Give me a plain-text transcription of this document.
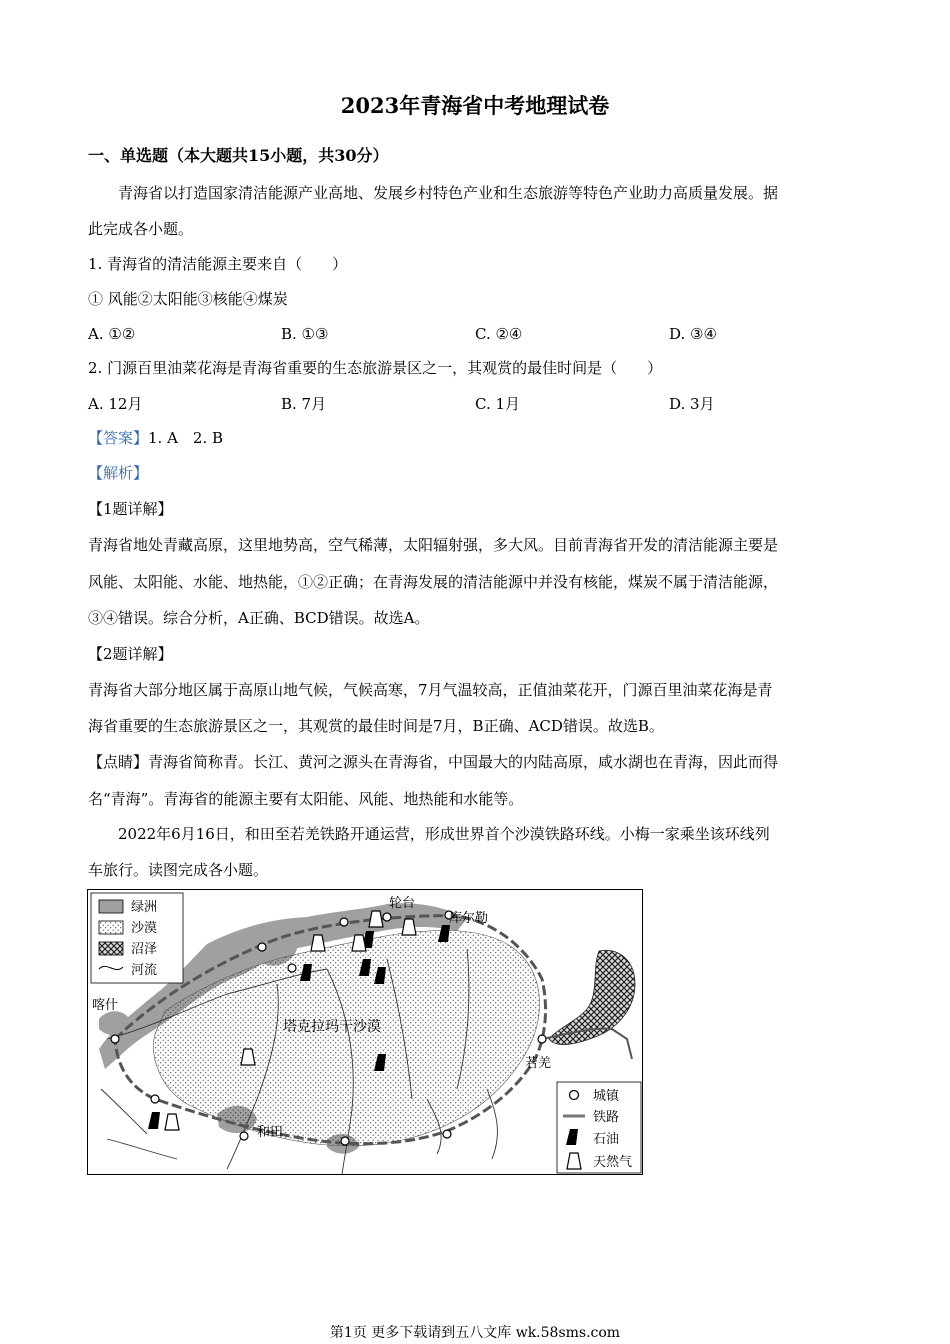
2023年青海省中考地理试卷
一、单选题（本大题共15小题，共30分）
青海省以打造国家清洁能源产业高地、发展乡村特色产业和生态旅游等特色产业助力高质量发展。据
此完成各小题。
1. 青海省的清洁能源主要来自（　　）
① 风能②太阳能③核能④煤炭
A. ①②	B. ①③	C. ②④	D. ③④
2. 门源百里油菜花海是青海省重要的生态旅游景区之一，其观赏的最佳时间是（　　）
A. 12月	B. 7月	C. 1月	D. 3月
【答案】1. A　2. B
【解析】
【1题详解】
青海省地处青藏高原，这里地势高，空气稀薄，太阳辐射强，多大风。目前青海省开发的清洁能源主要是
风能、太阳能、水能、地热能，①②正确；在青海发展的清洁能源中并没有核能，煤炭不属于清洁能源，
③④错误。综合分析，A正确、BCD错误。故选A。
【2题详解】
青海省大部分地区属于高原山地气候，气候高寒，7月气温较高，正值油菜花开，门源百里油菜花海是青
海省重要的生态旅游景区之一，其观赏的最佳时间是7月，B正确、ACD错误。故选B。
【点睛】青海省简称青。长江、黄河之源头在青海省，中国最大的内陆高原，咸水湖也在青海，因此而得
名“青海”。青海省的能源主要有太阳能、风能、地热能和水能等。
2022年6月16日，和田至若羌铁路开通运营，形成世界首个沙漠铁路环线。小梅一家乘坐该环线列
车旅行。读图完成各小题。
轮台
库尔勒
喀什
塔克拉玛干沙漠
若羌
和田
绿洲
沙漠
沼泽
河流
城镇
铁路
石油
天然气
第1页 更多下载请到五八文库 wk.58sms.com
